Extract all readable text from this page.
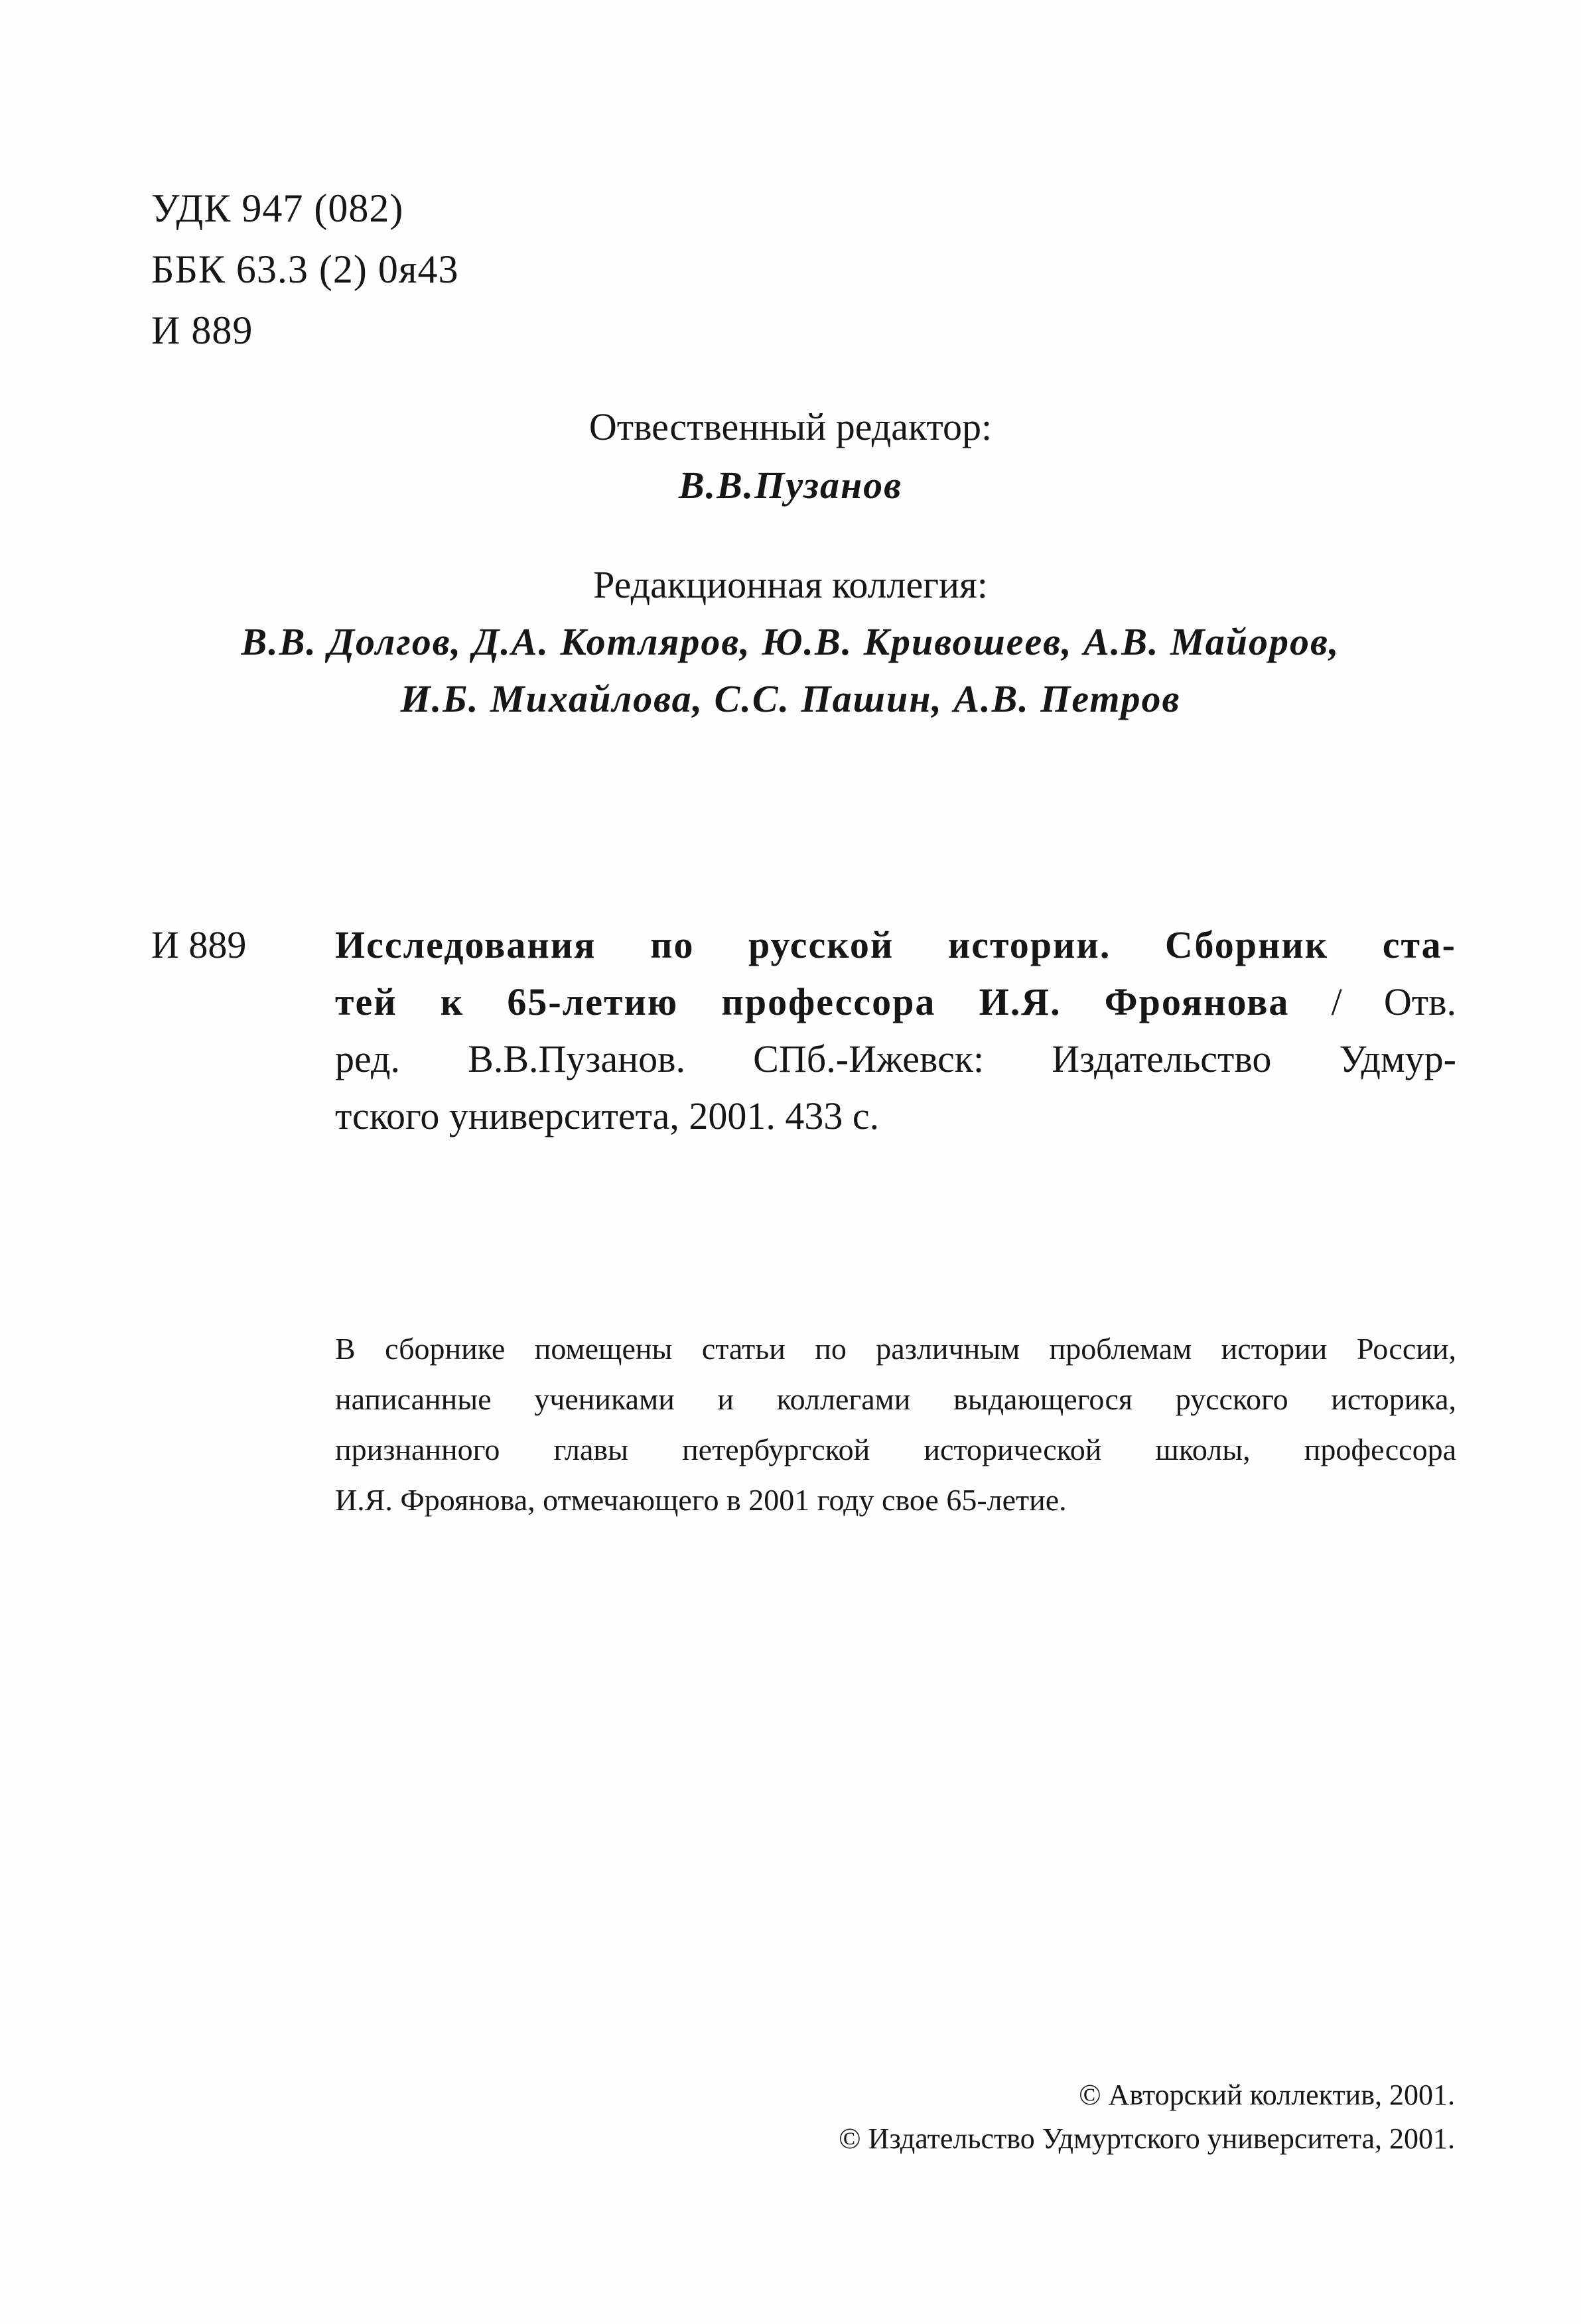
УДК 947 (082)
ББК 63.3 (2) 0я43
И 889
Отвественный редактор:
В.В.Пузанов
Редакционная коллегия:
В.В. Долгов, Д.А. Котляров, Ю.В. Кривошеев, А.В. Майоров,
И.Б. Михайлова, С.С. Пашин, А.В. Петров
И 889 Исследования по русской истории. Сборник ста-
тей к 65-летию профессора И.Я. Фроянова / Отв.
ред. В.В.Пузанов. СПб.-Ижевск: Издательство Удмур-
тского университета, 2001. 433 с.
В сборнике помещены статьи по различным проблемам истории России,
написанные учениками и коллегами выдающегося русского историка,
признанного главы петербургской исторической школы, профессора
И.Я. Фроянова, отмечающего в 2001 году свое 65-летие.
© Авторский коллектив, 2001.
© Издательство Удмуртского университета, 2001.
